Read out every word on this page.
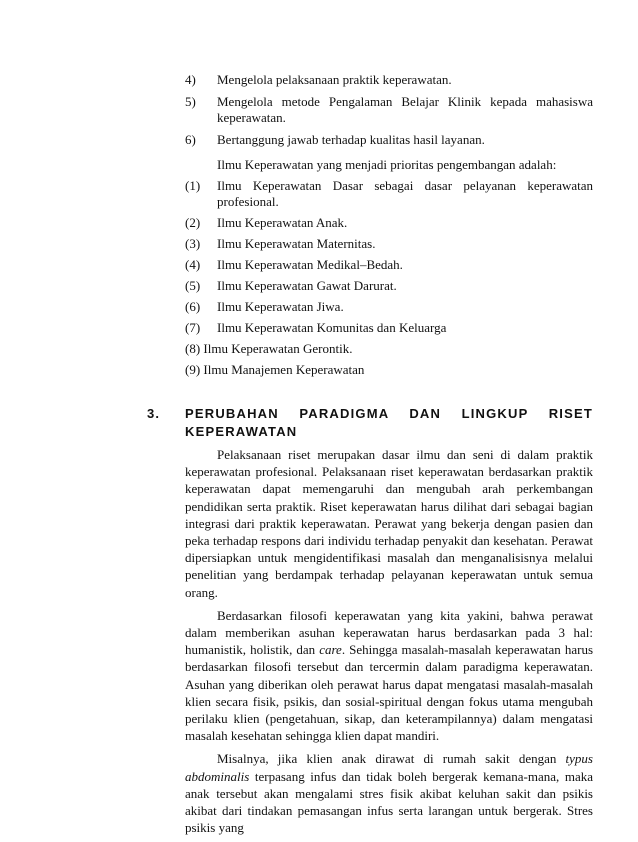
4)	Mengelola pelaksanaan praktik keperawatan.
5)	Mengelola metode Pengalaman Belajar Klinik kepada mahasiswa keperawatan.
6)	Bertanggung jawab terhadap kualitas hasil layanan.
Ilmu Keperawatan yang menjadi prioritas pengembangan adalah:
(1)	Ilmu Keperawatan Dasar sebagai dasar pelayanan keperawatan profesional.
(2)	Ilmu Keperawatan Anak.
(3)	Ilmu Keperawatan Maternitas.
(4)	Ilmu Keperawatan Medikal–Bedah.
(5)	Ilmu Keperawatan Gawat Darurat.
(6)	Ilmu Keperawatan Jiwa.
(7)	Ilmu Keperawatan Komunitas dan Keluarga
(8) Ilmu Keperawatan Gerontik.
(9) Ilmu Manajemen Keperawatan
3.	PERUBAHAN PARADIGMA DAN LINGKUP RISET
KEPERAWATAN

Pelaksanaan riset merupakan dasar ilmu dan seni di dalam praktik keperawatan profesional. Pelaksanaan riset keperawatan berdasarkan praktik keperawatan dapat memengaruhi dan mengubah arah perkembangan pendidikan serta praktik. Riset keperawatan harus dilihat dari sebagai bagian integrasi dari praktik keperawatan. Perawat yang bekerja dengan pasien dan peka terhadap respons dari individu terhadap penyakit dan kesehatan. Perawat dipersiapkan untuk mengidentifikasi masalah dan menganalisisnya melalui penelitian yang berdampak terhadap pelayanan keperawatan untuk semua orang.

Berdasarkan filosofi keperawatan yang kita yakini, bahwa perawat dalam memberikan asuhan keperawatan harus berdasarkan pada 3 hal: humanistik, holistik, dan care. Sehingga masalah-masalah keperawatan harus berdasarkan filosofi tersebut dan tercermin dalam paradigma keperawatan. Asuhan yang diberikan oleh perawat harus dapat mengatasi masalah-masalah klien secara fisik, psikis, dan sosial-spiritual dengan fokus utama mengubah perilaku klien (pengetahuan, sikap, dan keterampilannya) dalam mengatasi masalah kesehatan sehingga klien dapat mandiri.

Misalnya, jika klien anak dirawat di rumah sakit dengan typus abdominalis terpasang infus dan tidak boleh bergerak kemana-mana, maka anak tersebut akan mengalami stres fisik akibat keluhan sakit dan psikis akibat dari tindakan pemasangan infus serta larangan untuk bergerak. Stres psikis yang
